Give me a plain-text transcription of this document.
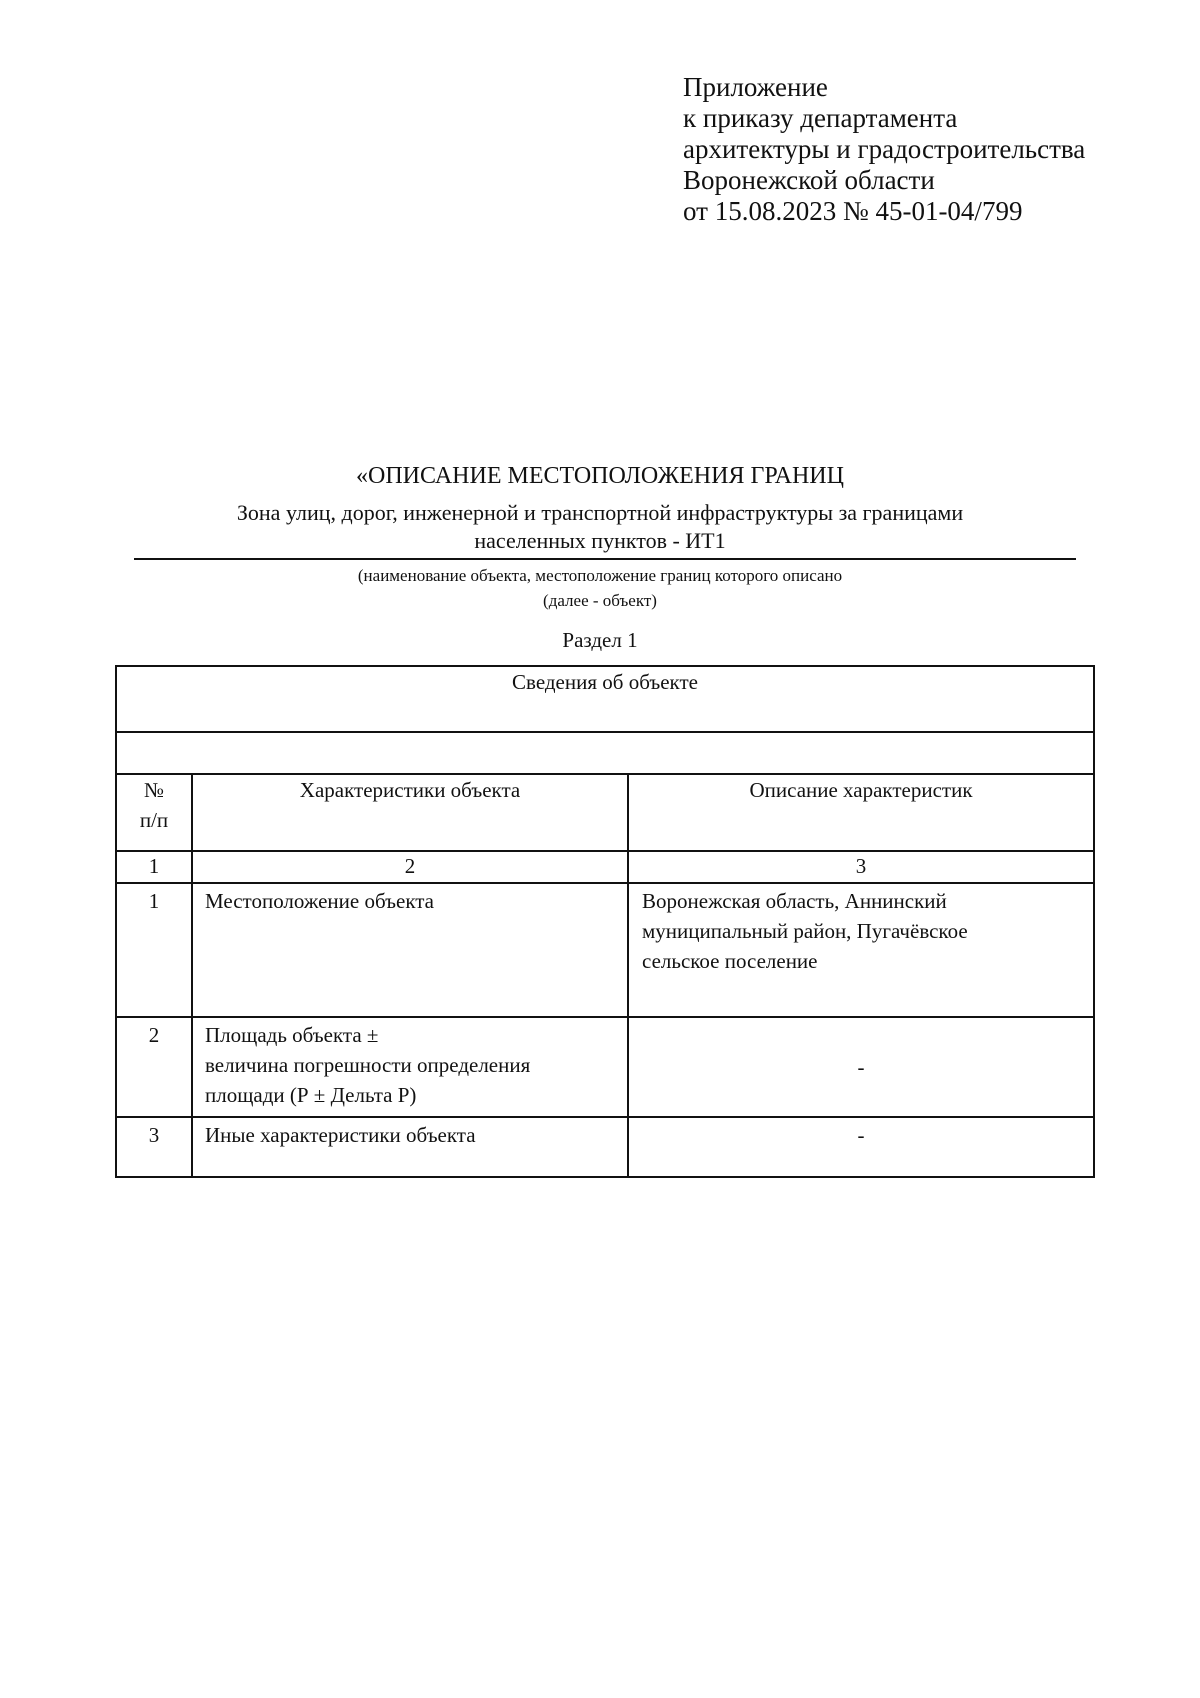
Приложение
к приказу департамента
архитектуры и градостроительства
Воронежской области
от 15.08.2023 № 45-01-04/799
«ОПИСАНИЕ МЕСТОПОЛОЖЕНИЯ ГРАНИЦ
Зона улиц, дорог, инженерной и транспортной инфраструктуры за границами
населенных пунктов - ИТ1
(наименование объекта, местоположение границ которого описано
(далее - объект)
Раздел 1
Сведения об объекте		

№
п/п	Характеристики объекта	Описание характеристик
1	2	3
1	Местоположение объекта	Воронежская область, Аннинский
муниципальный район, Пугачёвское
сельское поселение

2	Площадь объекта ±
величина погрешности определения
площади (Р ± Дельта Р)	-
3	Иные характеристики объекта	-
